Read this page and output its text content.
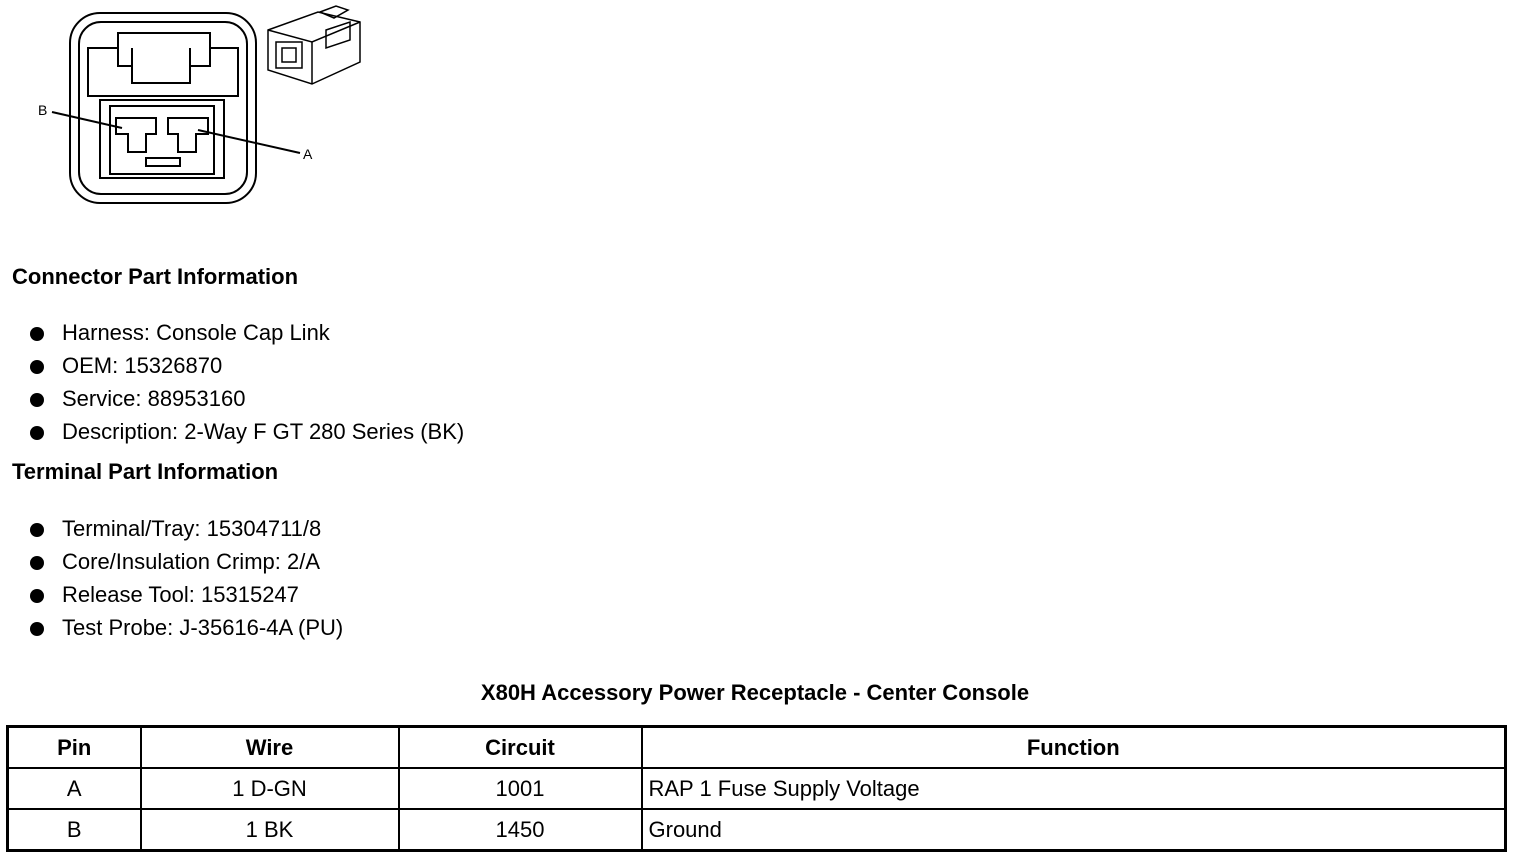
B
A
Connector Part Information
Harness: Console Cap Link
OEM: 15326870
Service: 88953160
Description: 2-Way F GT 280 Series (BK)
Terminal Part Information
Terminal/Tray: 15304711/8
Core/Insulation Crimp: 2/A
Release Tool: 15315247
Test Probe: J-35616-4A (PU)
X80H Accessory Power Receptacle - Center Console
Pin	Wire	Circuit	Function
A	1 D-GN	1001	RAP 1 Fuse Supply Voltage
B	1 BK	1450	Ground
